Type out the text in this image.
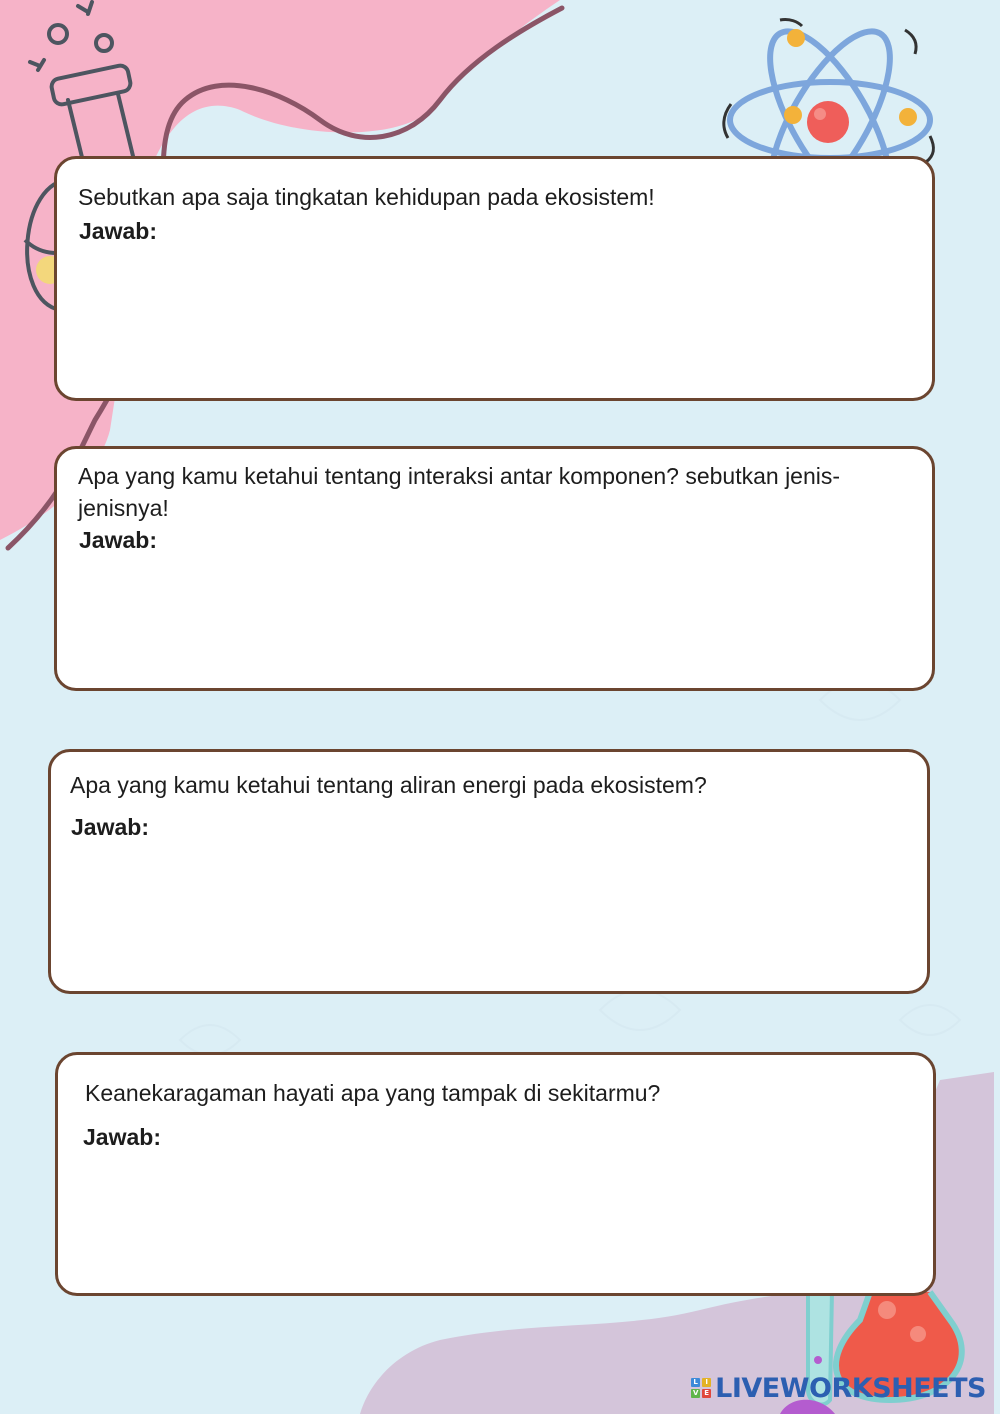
Sebutkan apa saja tingkatan kehidupan pada ekosistem!

Jawab:

Apa yang kamu ketahui tentang interaksi antar komponen? sebutkan jenis-jenisnya!

Jawab:

Apa yang kamu ketahui tentang aliran energi pada ekosistem?

Jawab:

Keanekaragaman hayati apa yang tampak di sekitarmu?

Jawab:

L	I
V E LIVEWORKSHEETS
